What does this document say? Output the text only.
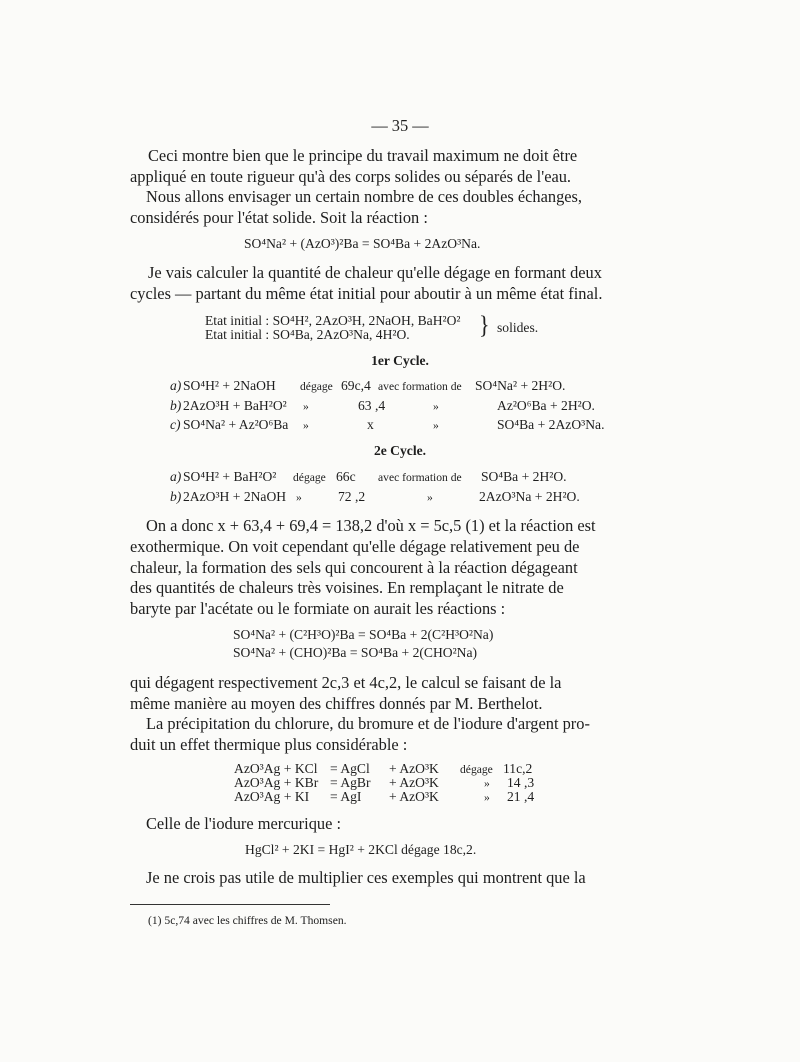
— 35 —
Ceci montre bien que le principe du travail maximum ne doit être
appliqué en toute rigueur qu'à des corps solides ou séparés de l'eau.
Nous allons envisager un certain nombre de ces doubles échanges,
considérés pour l'état solide. Soit la réaction :
SO⁴Na² + (AzO³)²Ba = SO⁴Ba + 2AzO³Na.
Je vais calculer la quantité de chaleur qu'elle dégage en formant deux
cycles — partant du même état initial pour aboutir à un même état final.
Etat initial : SO⁴H², 2AzO³H, 2NaOH, BaH²O²
Etat initial : SO⁴Ba, 2AzO³Na, 4H²O.	} solides.
1er Cycle.
a) SO⁴H² + 2NaOH dégage 69c,4 avec formation de SO⁴Na² + 2H²O.
b) 2AzO³H + BaH²O² »	63 ,4	»	Az²O⁶Ba + 2H²O.
c) SO⁴Na² + Az²O⁶Ba »	x	»	SO⁴Ba + 2AzO³Na.
2e Cycle.
a) SO⁴H² + BaH²O² dégage 66c avec formation de SO⁴Ba + 2H²O.
b) 2AzO³H + 2NaOH »	72 ,2	»	2AzO³Na + 2H²O.
On a donc x + 63,4 + 69,4 = 138,2 d'où x = 5c,5 (1) et la réaction est
exothermique. On voit cependant qu'elle dégage relativement peu de
chaleur, la formation des sels qui concourent à la réaction dégageant
des quantités de chaleurs très voisines. En remplaçant le nitrate de
baryte par l'acétate ou le formiate on aurait les réactions :
SO⁴Na² + (C²H³O)²Ba = SO⁴Ba + 2(C²H³O²Na)
SO⁴Na² + (CHO)²Ba = SO⁴Ba + 2(CHO²Na)
qui dégagent respectivement 2c,3 et 4c,2, le calcul se faisant de la
même manière au moyen des chiffres donnés par M. Berthelot.
La précipitation du chlorure, du bromure et de l'iodure d'argent pro-
duit un effet thermique plus considérable :
AzO³Ag + KCl = AgCl + AzO³K dégage 11c,2
AzO³Ag + KBr = AgBr + AzO³K	» 14 ,3
AzO³Ag + KI = AgI + AzO³K	» 21 ,4
Celle de l'iodure mercurique :
HgCl² + 2KI = HgI² + 2KCl dégage 18c,2.
Je ne crois pas utile de multiplier ces exemples qui montrent que la
(1) 5c,74 avec les chiffres de M. Thomsen.
